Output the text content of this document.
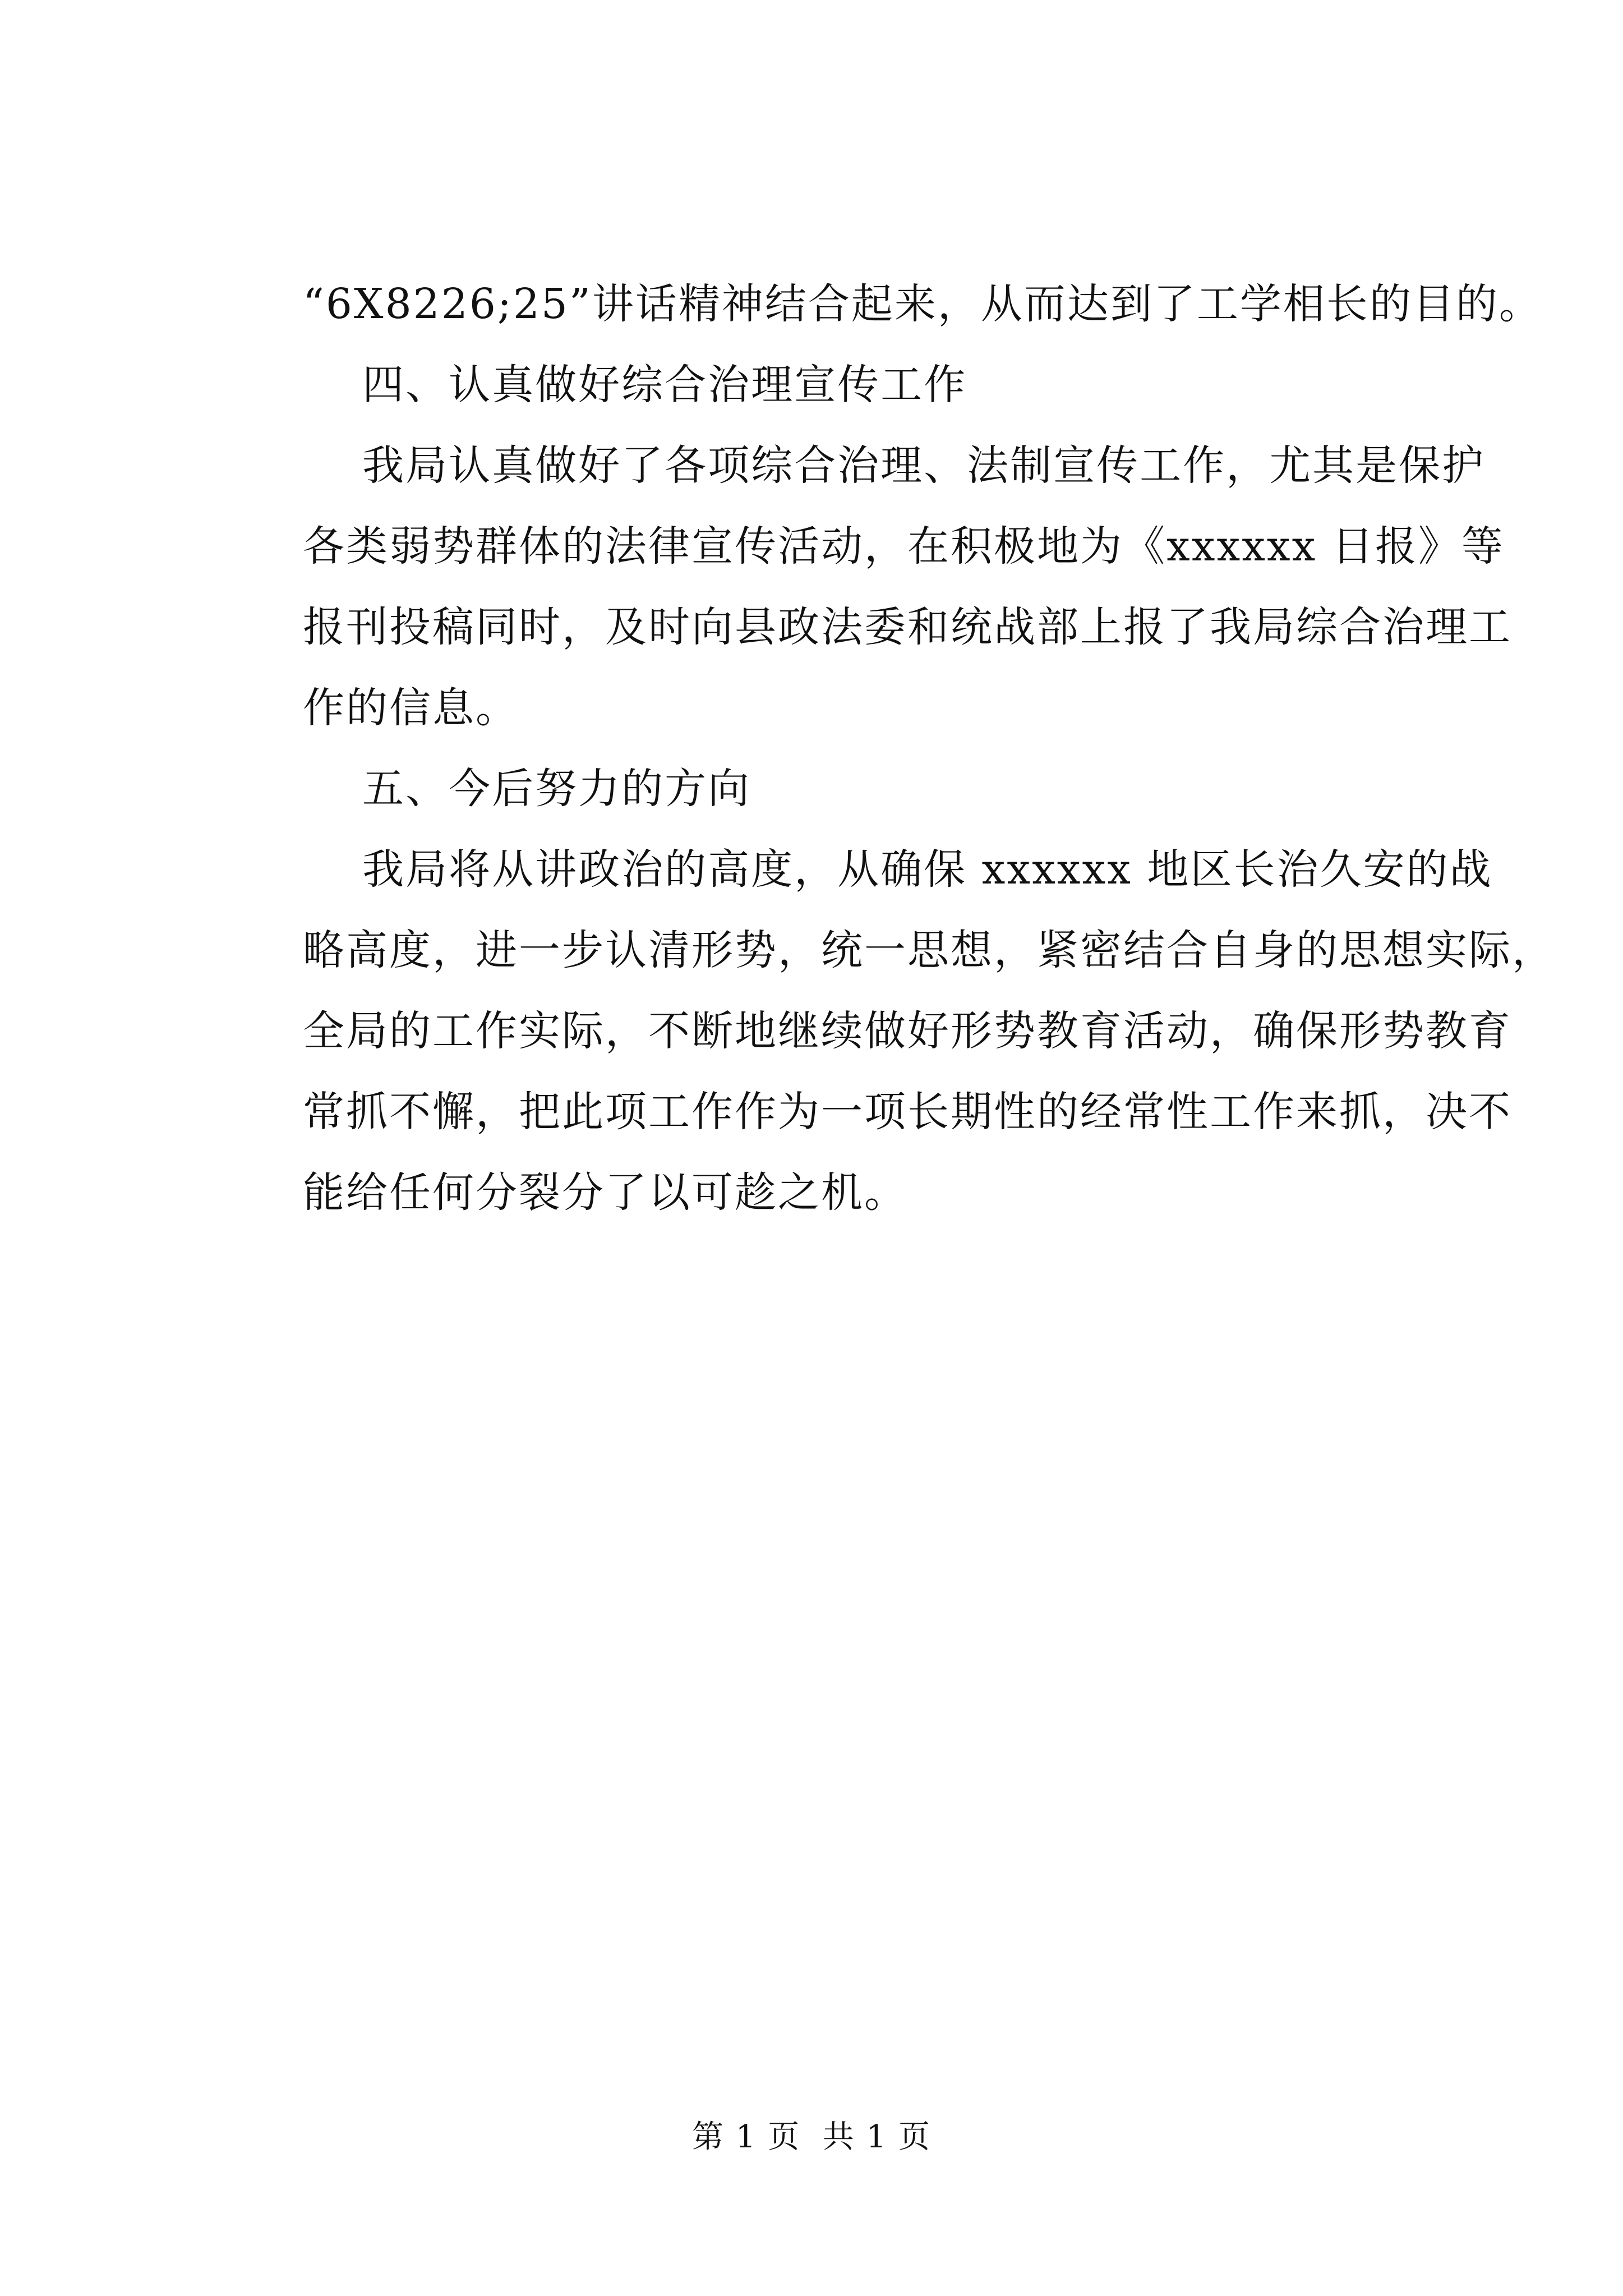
“6X8226;25”讲话精神结合起来，从而达到了工学相长的目的。
四、认真做好综合治理宣传工作
我局认真做好了各项综合治理、法制宣传工作，尤其是保护
各类弱势群体的法律宣传活动，在积极地为《xxxxxx 日报》等
报刊投稿同时，及时向县政法委和统战部上报了我局综合治理工
作的信息。
五、今后努力的方向
我局将从讲政治的高度，从确保 xxxxxx 地区长治久安的战
略高度，进一步认清形势，统一思想，紧密结合自身的思想实际，
全局的工作实际，不断地继续做好形势教育活动，确保形势教育
常抓不懈，把此项工作作为一项长期性的经常性工作来抓，决不
能给任何分裂分了以可趁之机。
第 1 页  共 1 页
